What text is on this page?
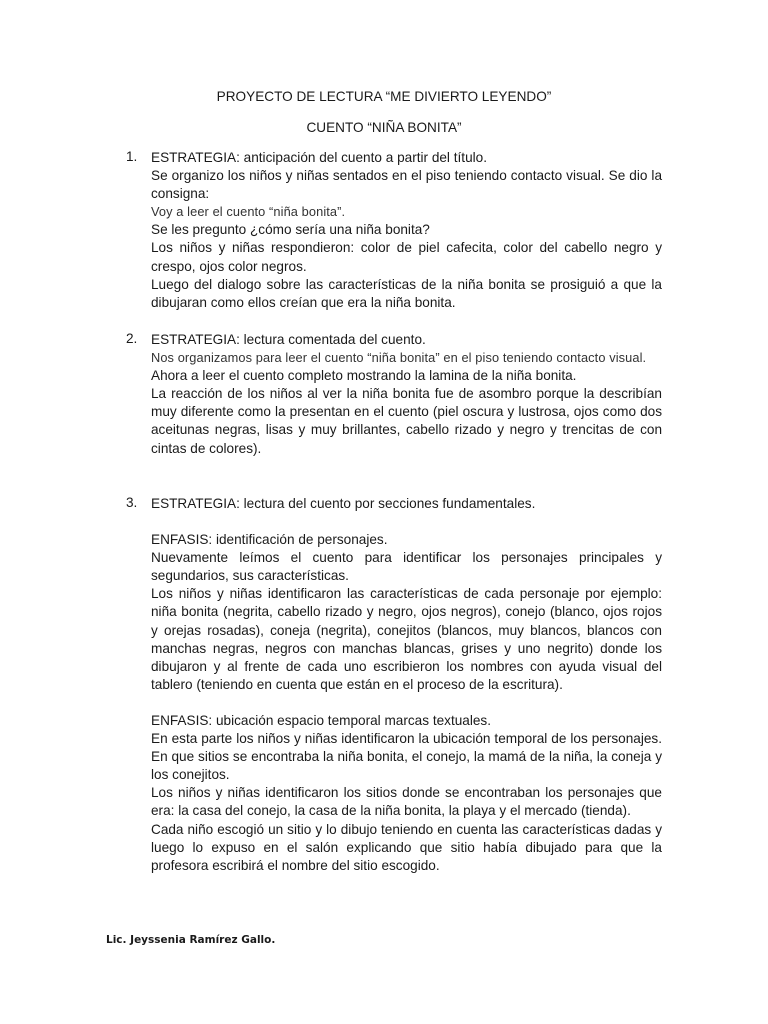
PROYECTO DE LECTURA “ME DIVIERTO LEYENDO”
CUENTO “NIÑA BONITA”
1. ESTRATEGIA: anticipación del cuento a partir del título.

Se organizo los niños y niñas sentados en el piso teniendo contacto visual. Se dio la consigna:

Voy a leer el cuento “niña bonita”.

Se les pregunto ¿cómo sería una niña bonita?

Los niños y niñas respondieron: color de piel cafecita, color del cabello negro y crespo, ojos color negros.

Luego del dialogo sobre las características de la niña bonita se prosiguió a que la dibujaran como ellos creían que era la niña bonita.

2. ESTRATEGIA: lectura comentada del cuento.

Nos organizamos para leer el cuento “niña bonita” en el piso teniendo contacto visual.

Ahora a leer el cuento completo mostrando la lamina de la niña bonita.

La reacción de los niños al ver la niña bonita fue de asombro porque la describían muy diferente como la presentan en el cuento (piel oscura y lustrosa, ojos como dos aceitunas negras, lisas y muy brillantes, cabello rizado y negro y trencitas de con cintas de colores).

3. ESTRATEGIA: lectura del cuento por secciones fundamentales.

ENFASIS: identificación de personajes.

Nuevamente leímos el cuento para identificar los personajes principales y segundarios, sus características.

Los niños y niñas identificaron las características de cada personaje por ejemplo: niña bonita (negrita, cabello rizado y negro, ojos negros), conejo (blanco, ojos rojos y orejas rosadas), coneja (negrita), conejitos (blancos, muy blancos, blancos con manchas negras, negros con manchas blancas, grises y uno negrito) donde los dibujaron y al frente de cada uno escribieron los nombres con ayuda visual del tablero (teniendo en cuenta que están en el proceso de la escritura).

ENFASIS: ubicación espacio temporal marcas textuales.

En esta parte los niños y niñas identificaron la ubicación temporal de los personajes. En que sitios se encontraba la niña bonita, el conejo, la mamá de la niña, la coneja y los conejitos.

Los niños y niñas identificaron los sitios donde se encontraban los personajes que era: la casa del conejo, la casa de la niña bonita, la playa y el mercado (tienda).

Cada niño escogió un sitio y lo dibujo teniendo en cuenta las características dadas y luego lo expuso en el salón explicando que sitio había dibujado para que la profesora escribirá el nombre del sitio escogido.

Lic. Jeyssenia Ramírez Gallo.
